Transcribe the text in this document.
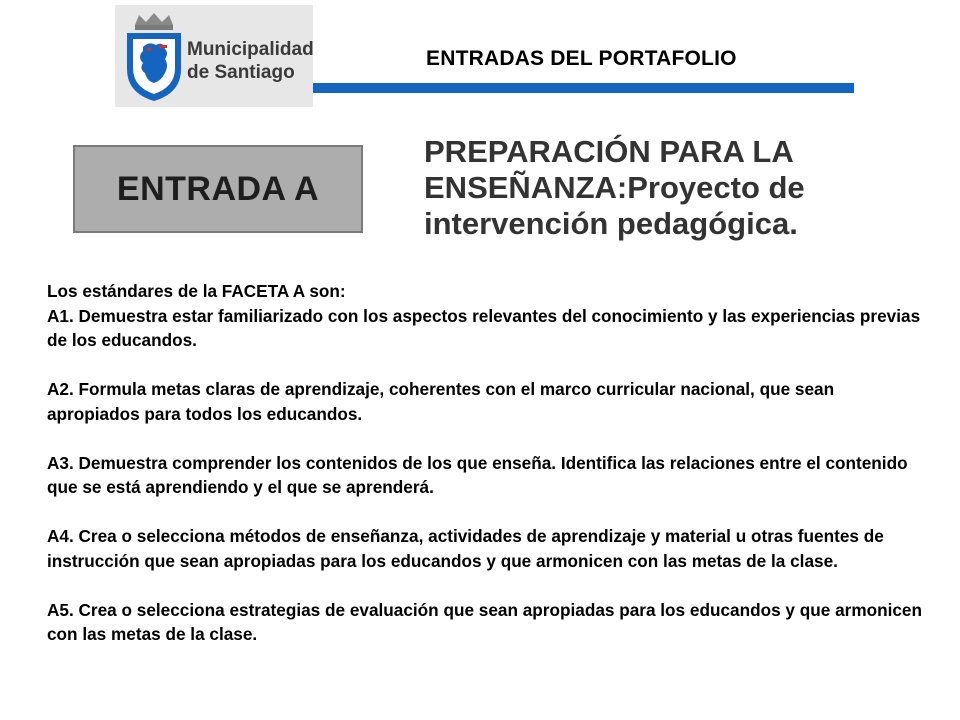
Municipalidad
de Santiago
ENTRADAS DEL PORTAFOLIO
ENTRADA A
PREPARACIÓN PARA LA ENSEÑANZA:Proyecto de intervención pedagógica.

Los estándares de la FACETA A son:

A1. Demuestra estar familiarizado con los aspectos relevantes del conocimiento y las experiencias previas de los educandos.

A2. Formula metas claras de aprendizaje, coherentes con el marco curricular nacional, que sean apropiados para todos los educandos.

A3. Demuestra comprender los contenidos de los que enseña. Identifica las relaciones entre el contenido que se está aprendiendo y el que se aprenderá.

A4. Crea o selecciona métodos de enseñanza, actividades de aprendizaje y material u otras fuentes de instrucción que sean apropiadas para los educandos y que armonicen con las metas de la clase.

A5. Crea o selecciona estrategias de evaluación que sean apropiadas para los educandos y que armonicen con las metas de la clase.
